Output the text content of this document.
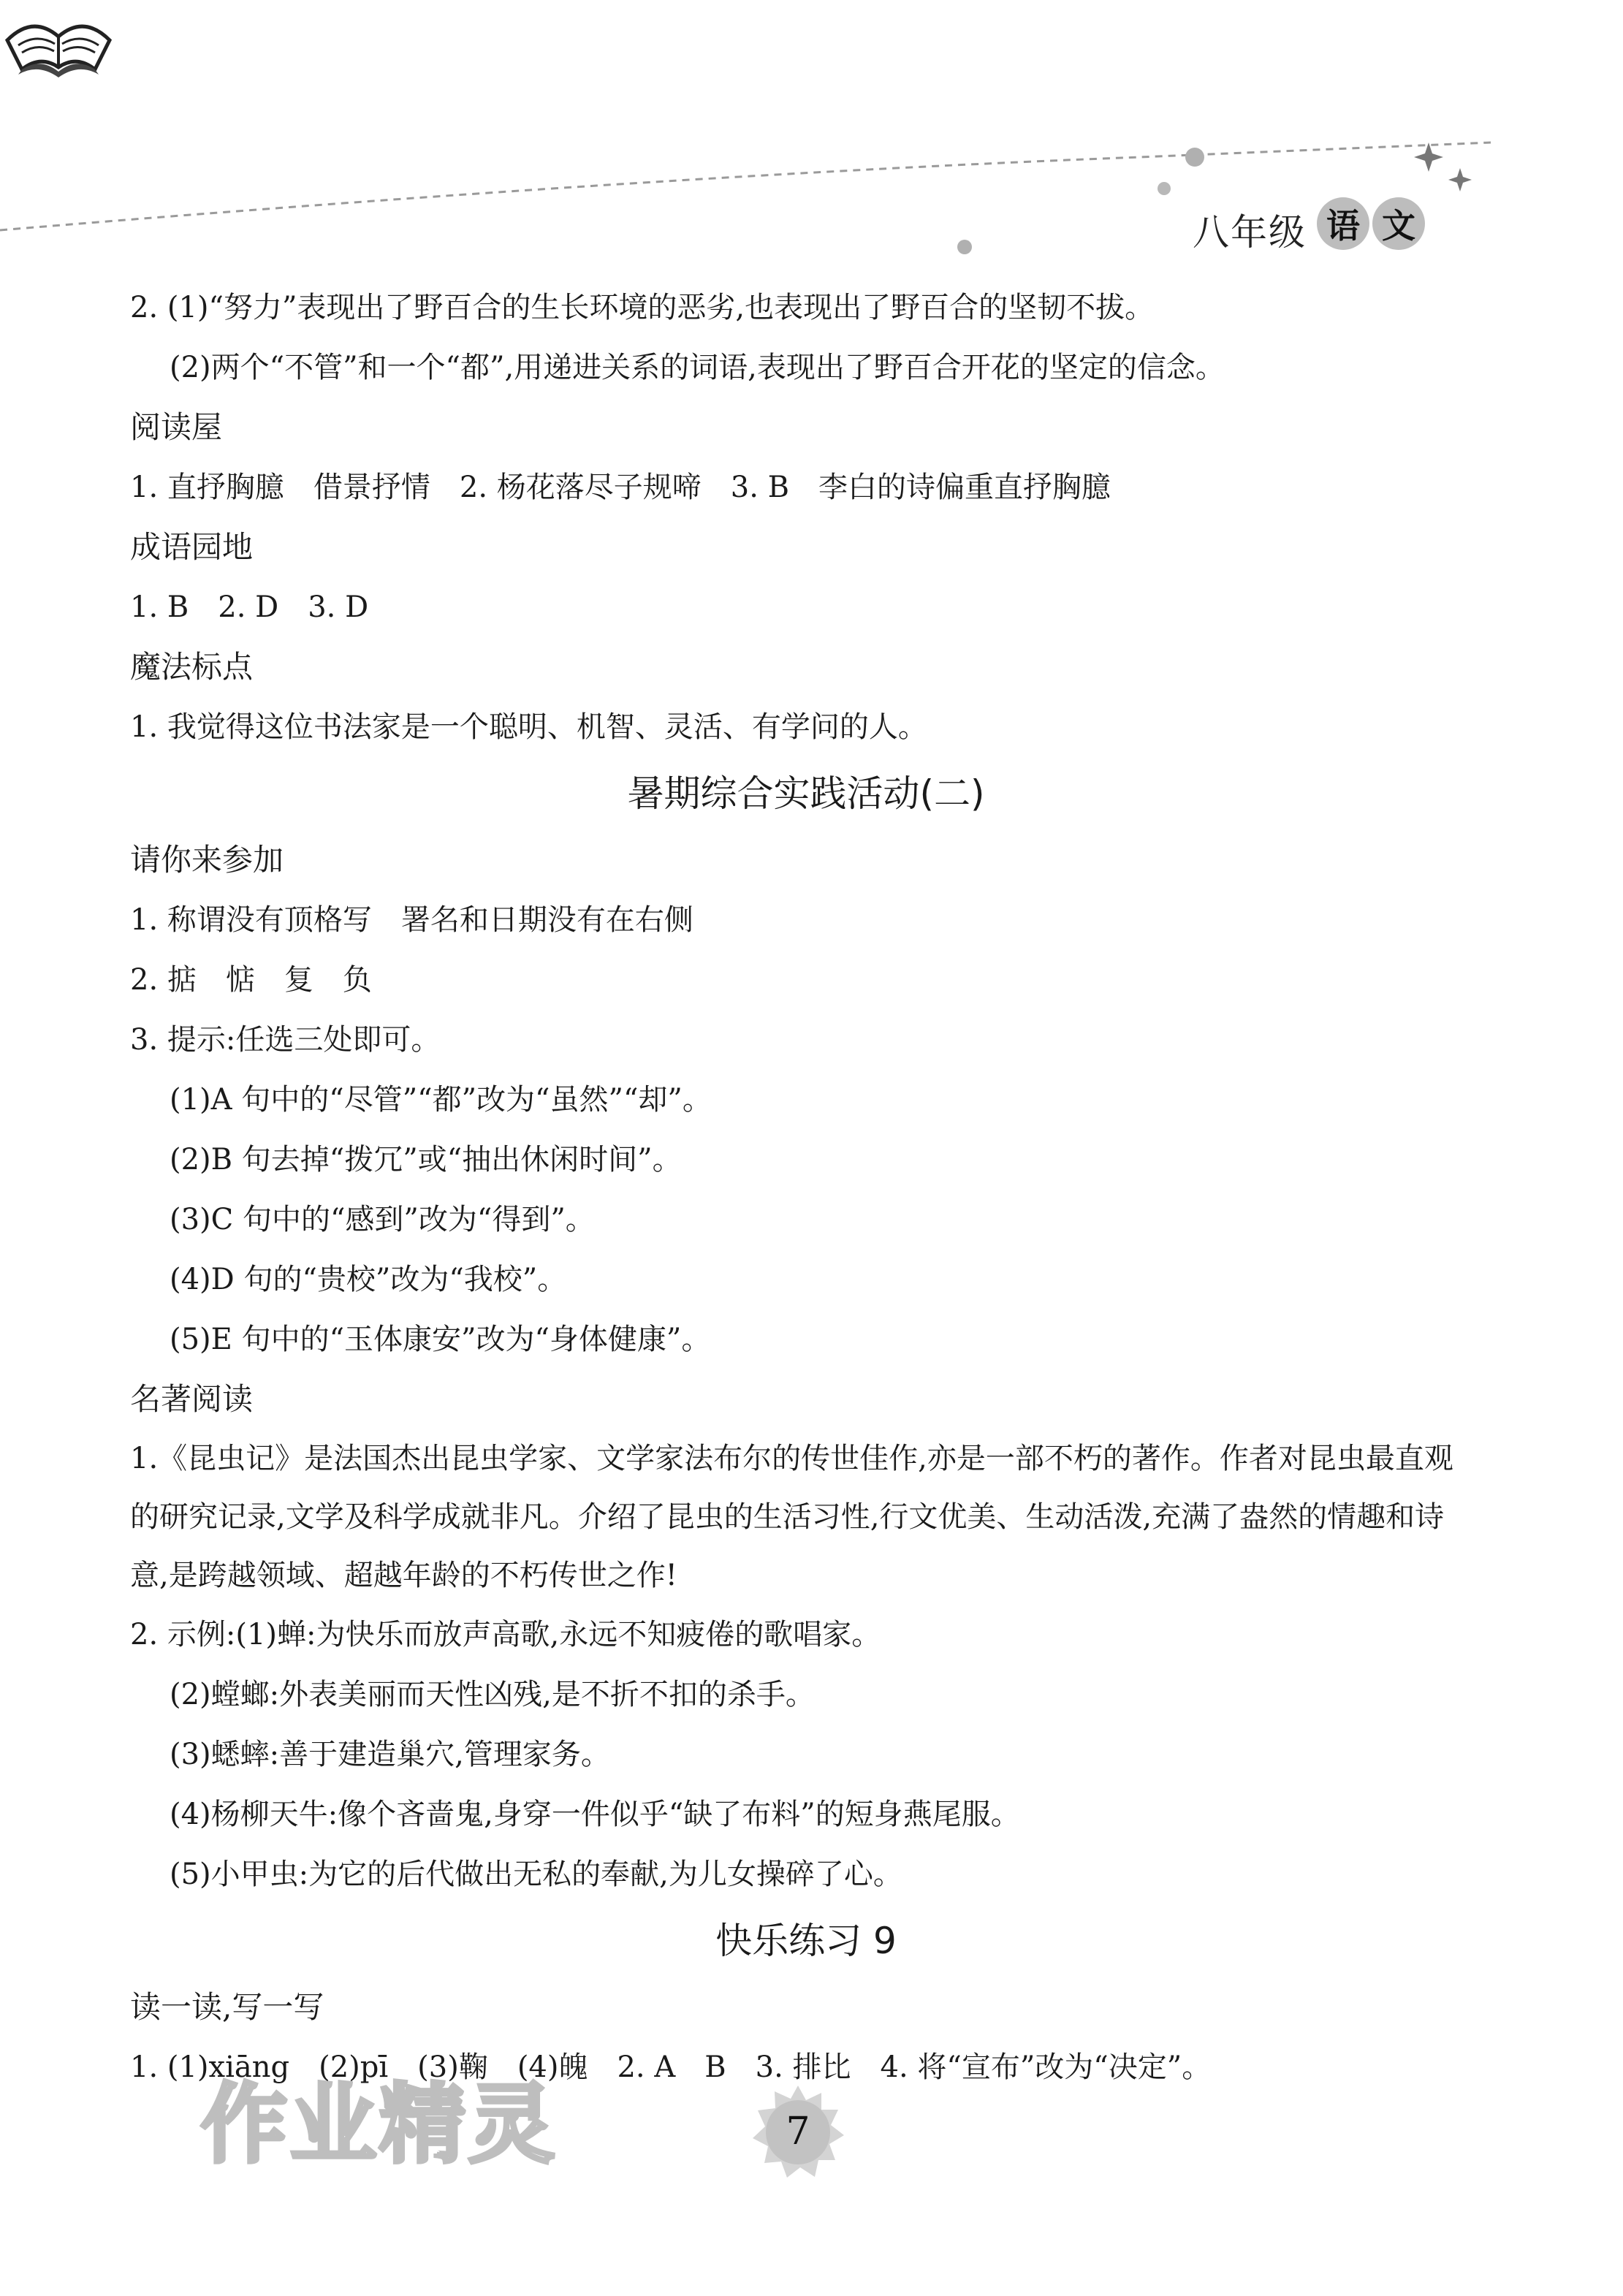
八年级 语 文
2. (1)“努力”表现出了野百合的生长环境的恶劣,也表现出了野百合的坚韧不拔。
(2)两个“不管”和一个“都”,用递进关系的词语,表现出了野百合开花的坚定的信念。
阅读屋
1. 直抒胸臆　借景抒情　2. 杨花落尽子规啼　3. B　李白的诗偏重直抒胸臆
成语园地
1. B　2. D　3. D
魔法标点
1. 我觉得这位书法家是一个聪明、机智、灵活、有学问的人。
暑期综合实践活动(二)
请你来参加
1. 称谓没有顶格写　署名和日期没有在右侧
2. 掂　惦　复　负
3. 提示:任选三处即可。
(1)A 句中的“尽管”“都”改为“虽然”“却”。
(2)B 句去掉“拨冗”或“抽出休闲时间”。
(3)C 句中的“感到”改为“得到”。
(4)D 句的“贵校”改为“我校”。
(5)E 句中的“玉体康安”改为“身体健康”。
名著阅读
1.《昆虫记》是法国杰出昆虫学家、文学家法布尔的传世佳作,亦是一部不朽的著作。作者对昆虫最直观的研究记录,文学及科学成就非凡。介绍了昆虫的生活习性,行文优美、生动活泼,充满了盎然的情趣和诗意,是跨越领域、超越年龄的不朽传世之作!
2. 示例:(1)蝉:为快乐而放声高歌,永远不知疲倦的歌唱家。
(2)螳螂:外表美丽而天性凶残,是不折不扣的杀手。
(3)蟋蟀:善于建造巢穴,管理家务。
(4)杨柳天牛:像个吝啬鬼,身穿一件似乎“缺了布料”的短身燕尾服。
(5)小甲虫:为它的后代做出无私的奉献,为儿女操碎了心。
快乐练习 9
读一读,写一写
1. (1)xiāng　(2)pī　(3)鞠　(4)魄　2. A　B　3. 排比　4. 将“宣布”改为“决定”。
作业精灵	7
